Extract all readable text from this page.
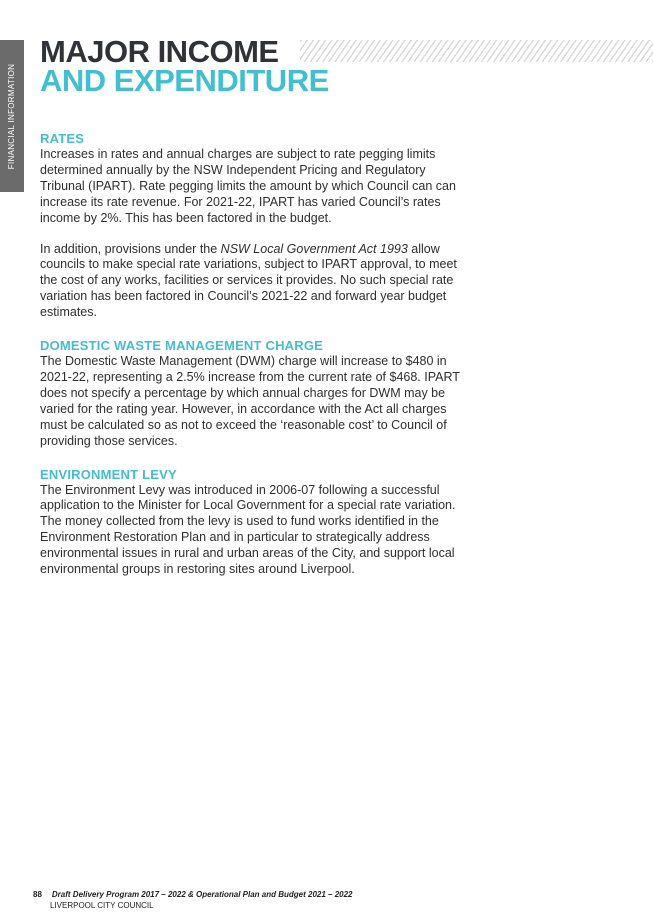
FINANCIAL INFORMATION
MAJOR INCOME
AND EXPENDITURE
RATES

Increases in rates and annual charges are subject to rate pegging limits determined annually by the NSW Independent Pricing and Regulatory Tribunal (IPART). Rate pegging limits the amount by which Council can can increase its rate revenue. For 2021-22, IPART has varied Council’s rates income by 2%. This has been factored in the budget.

In addition, provisions under the NSW Local Government Act 1993 allow councils to make special rate variations, subject to IPART approval, to meet the cost of any works, facilities or services it provides. No such special rate variation has been factored in Council’s 2021-22 and forward year budget estimates.

DOMESTIC WASTE MANAGEMENT CHARGE

The Domestic Waste Management (DWM) charge will increase to $480 in 2021-22, representing a 2.5% increase from the current rate of $468. IPART does not specify a percentage by which annual charges for DWM may be varied for the rating year. However, in accordance with the Act all charges must be calculated so as not to exceed the ‘reasonable cost’ to Council of providing those services.

ENVIRONMENT LEVY

The Environment Levy was introduced in 2006-07 following a successful application to the Minister for Local Government for a special rate variation. The money collected from the levy is used to fund works identified in the Environment Restoration Plan and in particular to strategically address environmental issues in rural and urban areas of the City, and support local environmental groups in restoring sites around Liverpool.

88 Draft Delivery Program 2017 – 2022 & Operational Plan and Budget 2021 – 2022
LIVERPOOL CITY COUNCIL
